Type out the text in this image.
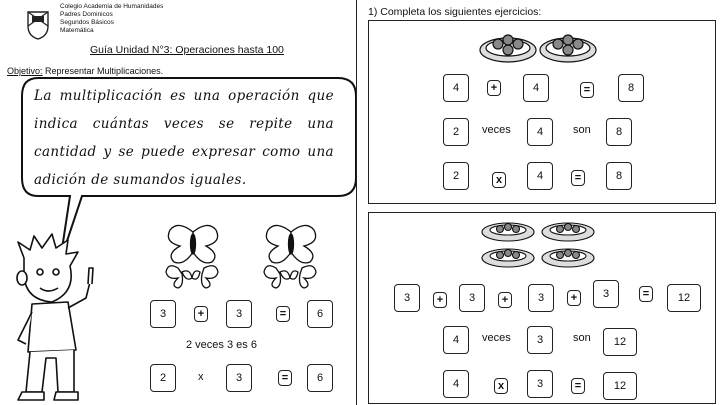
Colegio Academia de Humanidades
Padres Dominicos
Segundos Básicos
Matemática
Guía Unidad N°3: Operaciones hasta 100
Objetivo: Representar Multiplicaciones.
La multiplicación es una operación que indica cuántas veces se repite una cantidad y se puede expresar como una adición de sumandos iguales.
3	+	3	=	6
2 veces 3 es 6
2	x	3	=	6
1) Completa los siguientes ejercicios:
4	+	4	=	8
2	veces	4	son	8
2	x	4	=	8
3	+	3	+	3	+	3	=	12
4	veces	3	son	12
4	x	3	=	12
